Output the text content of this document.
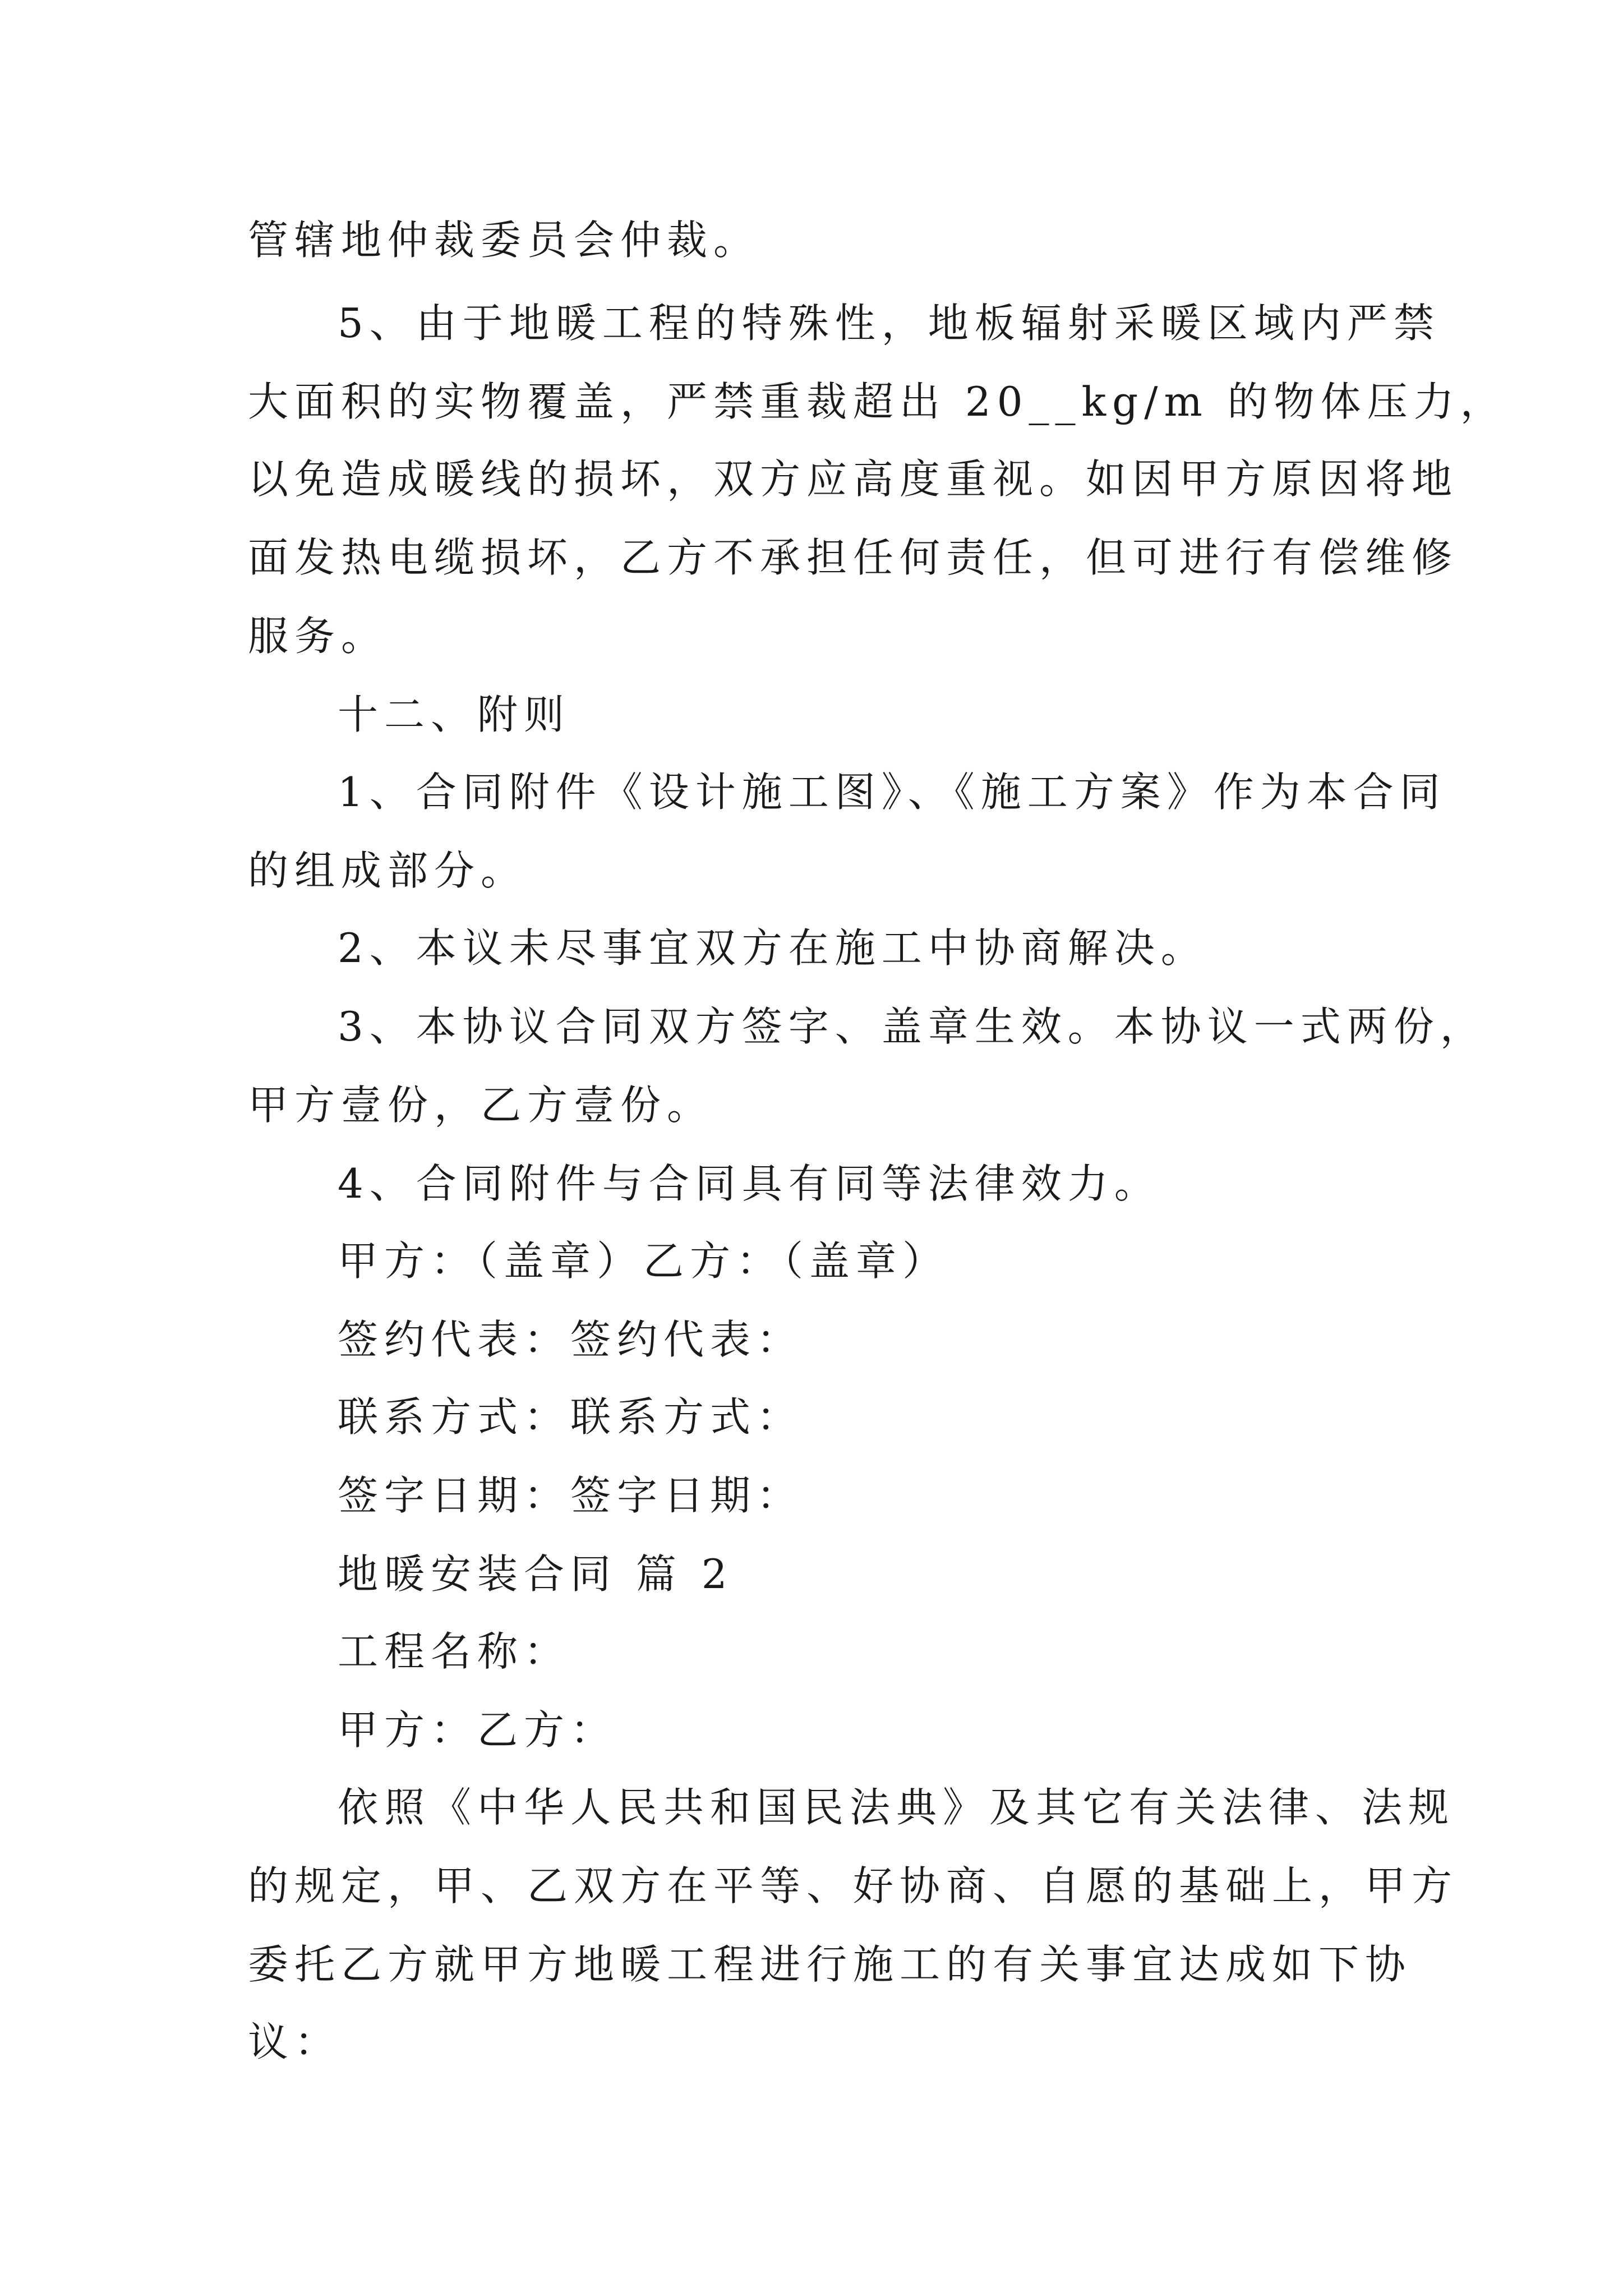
管辖地仲裁委员会仲裁。

5、由于地暖工程的特殊性，地板辐射采暖区域内严禁

大面积的实物覆盖，严禁重裁超出 20__kg/m 的物体压力，

以免造成暖线的损坏，双方应高度重视。如因甲方原因将地

面发热电缆损坏，乙方不承担任何责任，但可进行有偿维修

服务。

十二、附则

1、合同附件《设计施工图》、《施工方案》作为本合同

的组成部分。

2、本议未尽事宜双方在施工中协商解决。

3、本协议合同双方签字、盖章生效。本协议一式两份，

甲方壹份，乙方壹份。

4、合同附件与合同具有同等法律效力。

甲方：（盖章）乙方：（盖章）

签约代表：签约代表：

联系方式：联系方式：

签字日期：签字日期：

地暖安装合同 篇 2

工程名称：

甲方：乙方：

依照《中华人民共和国民法典》及其它有关法律、法规

的规定，甲、乙双方在平等、好协商、自愿的基础上，甲方

委托乙方就甲方地暖工程进行施工的有关事宜达成如下协

议：
